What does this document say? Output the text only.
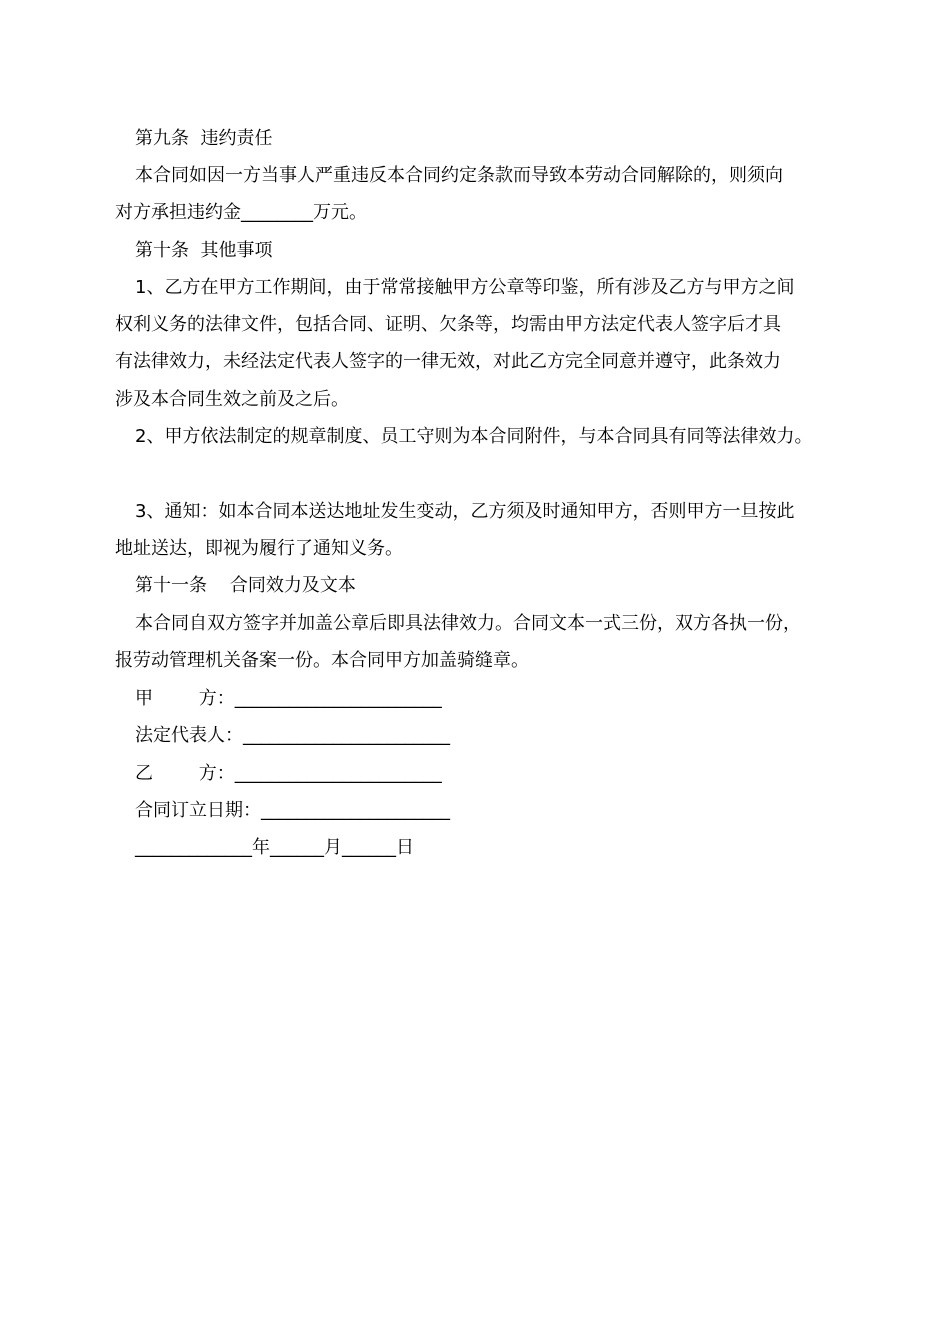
第九条  违约责任
本合同如因一方当事人严重违反本合同约定条款而导致本劳动合同解除的，则须向
对方承担违约金________万元。
第十条  其他事项
1、乙方在甲方工作期间，由于常常接触甲方公章等印鉴，所有涉及乙方与甲方之间
权利义务的法律文件，包括合同、证明、欠条等，均需由甲方法定代表人签字后才具
有法律效力，未经法定代表人签字的一律无效，对此乙方完全同意并遵守，此条效力
涉及本合同生效之前及之后。
2、甲方依法制定的规章制度、员工守则为本合同附件，与本合同具有同等法律效力。
3、通知：如本合同本送达地址发生变动，乙方须及时通知甲方，否则甲方一旦按此
地址送达，即视为履行了通知义务。
第十一条    合同效力及文本
本合同自双方签字并加盖公章后即具法律效力。合同文本一式三份，双方各执一份，
报劳动管理机关备案一份。本合同甲方加盖骑缝章。
甲        方：_______________________
法定代表人：_______________________
乙        方：_______________________
合同订立日期：_____________________
_____________年______月______日
